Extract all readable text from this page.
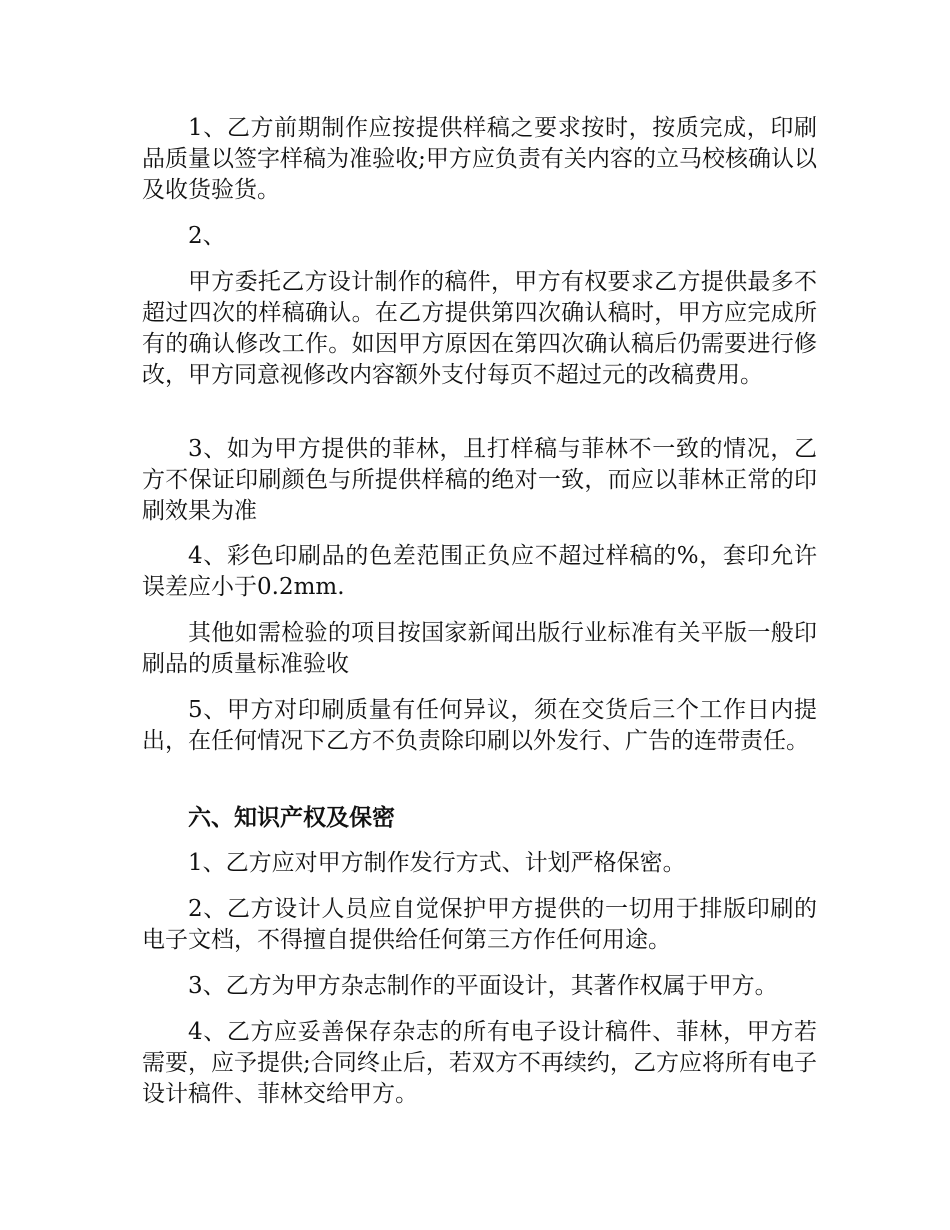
1、乙方前期制作应按提供样稿之要求按时，按质完成，印刷品质量以签字样稿为准验收;甲方应负责有关内容的立马校核确认以及收货验货。

2、

甲方委托乙方设计制作的稿件，甲方有权要求乙方提供最多不超过四次的样稿确认。在乙方提供第四次确认稿时，甲方应完成所有的确认修改工作。如因甲方原因在第四次确认稿后仍需要进行修改，甲方同意视修改内容额外支付每页不超过元的改稿费用。

3、如为甲方提供的菲林，且打样稿与菲林不一致的情况，乙方不保证印刷颜色与所提供样稿的绝对一致，而应以菲林正常的印刷效果为准

4、彩色印刷品的色差范围正负应不超过样稿的%，套印允许误差应小于0.2mm.

其他如需检验的项目按国家新闻出版行业标准有关平版一般印刷品的质量标准验收

5、甲方对印刷质量有任何异议，须在交货后三个工作日内提出，在任何情况下乙方不负责除印刷以外发行、广告的连带责任。

六、知识产权及保密

1、乙方应对甲方制作发行方式、计划严格保密。

2、乙方设计人员应自觉保护甲方提供的一切用于排版印刷的电子文档，不得擅自提供给任何第三方作任何用途。

3、乙方为甲方杂志制作的平面设计，其著作权属于甲方。

4、乙方应妥善保存杂志的所有电子设计稿件、菲林，甲方若需要，应予提供;合同终止后，若双方不再续约，乙方应将所有电子设计稿件、菲林交给甲方。
